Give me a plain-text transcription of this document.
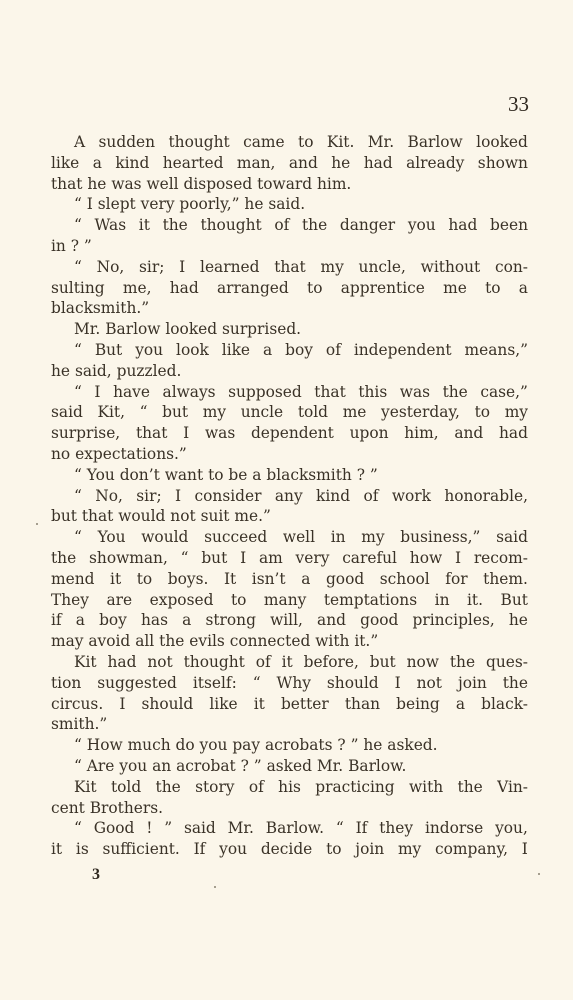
33
A sudden thought came to Kit. Mr. Barlow looked
like a kind hearted man, and he had already shown
that
he
was
well
disposed
toward
him.
“
I
slept
very
poorly,”
he
said.
“ Was it the thought of the danger you had been
in
?
”
“ No, sir; I learned that my uncle, without con-
sulting me, had arranged to apprentice me to a
blacksmith.”
Mr.
Barlow
looked
surprised.
“ But you look like a boy of independent means,”
he
said,
puzzled.
“ I have always supposed that this was the case,”
said Kit, “ but my uncle told me yesterday, to my
surprise, that I was dependent upon him, and had
no
expectations.”
“
You
don’t
want
to
be
a
blacksmith
?
”
“ No, sir; I consider any kind of work honorable,
but
that
would
not
suit
me.”
“ You would succeed well in my business,” said
the showman, “ but I am very careful how I recom-
mend it to boys. It isn’t a good school for them.
They are exposed to many temptations in it. But
if a boy has a strong will, and good principles, he
may
avoid
all
the
evils
connected
with
it.”
Kit had not thought of it before, but now the ques-
tion suggested itself: “ Why should I not join the
circus. I should like it better than being a black-
smith.”
“
How
much
do
you
pay
acrobats
?
”
he
asked.
“
Are
you
an
acrobat
?
”
asked
Mr.
Barlow.
Kit told the story of his practicing with the Vin-
cent
Brothers.
“ Good ! ” said Mr. Barlow. “ If they indorse you,
it is sufficient. If you decide to join my company, I
3
